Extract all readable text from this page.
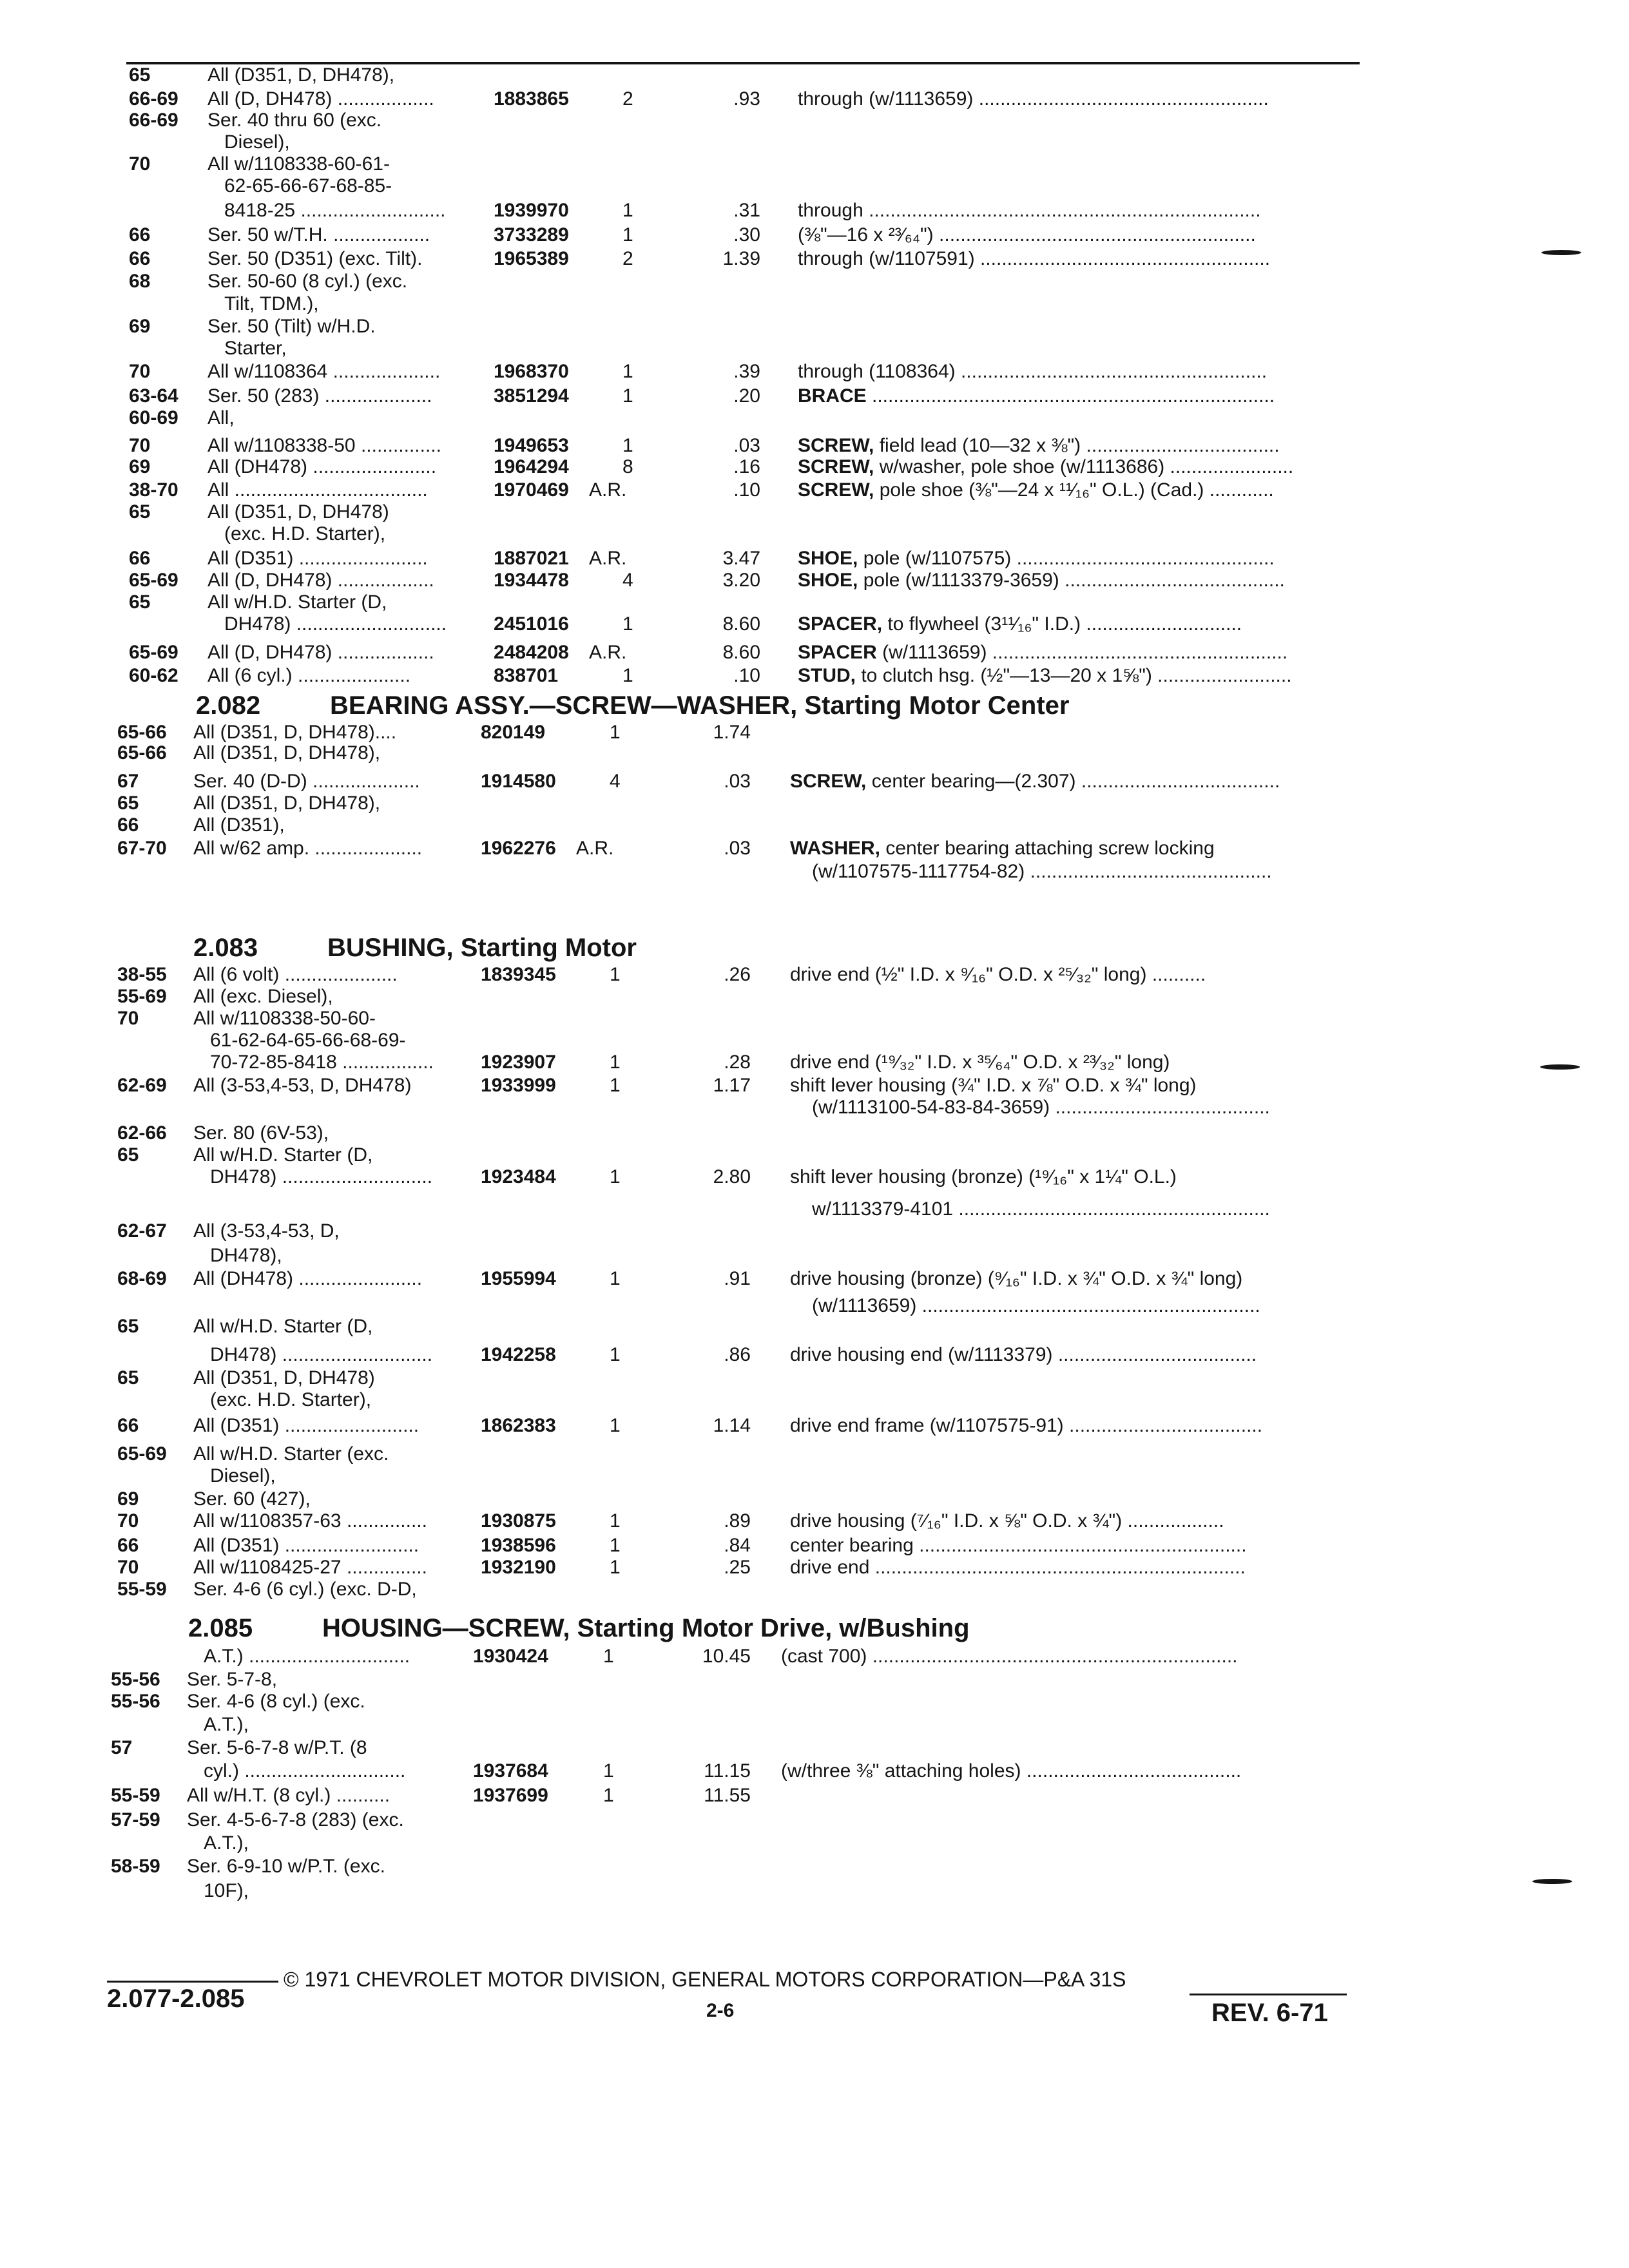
65	All (D351, D, DH478),
66-69 All (D, DH478) ..................	1883865	2	.93 through (w/1113659) ......................................................
66-69 Ser. 40 thru 60 (exc.
Diesel),
70	All w/1108338-60-61-
62-65-66-67-68-85-
8418-25 ........................... 1939970	1	.31 through .........................................................................
66	Ser. 50 w/T.H. ..................	3733289	1	.30 (⅜"—16 x ²³⁄₆₄") ...........................................................
66	Ser. 50 (D351) (exc. Tilt).	1965389	2	1.39 through (w/1107591) ......................................................
68	Ser. 50-60 (8 cyl.) (exc.
Tilt, TDM.),
69	Ser. 50 (Tilt) w/H.D.
Starter,
70	All w/1108364 ....................	1968370	1	.39 through (1108364) .........................................................
63-64 Ser. 50 (283) ....................	3851294	1	.20 BRACE ...........................................................................
60-69 All,
70	All w/1108338-50 ...............	1949653	1	.03 SCREW, field lead (10—32 x ⅜") ....................................
69	All (DH478) .......................	1964294	8	.16 SCREW, w/washer, pole shoe (w/1113686) .......................
38-70 All ....................................	1970469 A.R.	.10 SCREW, pole shoe (⅜"—24 x ¹¹⁄₁₆" O.L.) (Cad.) ............
65	All (D351, D, DH478)
(exc. H.D. Starter),
66	All (D351) ........................	1887021 A.R.	3.47 SHOE, pole (w/1107575) ................................................
65-69 All (D, DH478) ..................	1934478	4	3.20 SHOE, pole (w/1113379-3659) .........................................
65	All w/H.D. Starter (D,
DH478) ............................ 2451016	1	8.60 SPACER, to flywheel (3¹¹⁄₁₆" I.D.) .............................
65-69 All (D, DH478) ..................	2484208 A.R.	8.60 SPACER (w/1113659) .......................................................
60-62 All (6 cyl.) .....................	838701	1	.10 STUD, to clutch hsg. (½"—13—20 x 1⅝") .........................
65-66 All (D351, D, DH478)....	820149	1	1.74
65-66 All (D351, D, DH478),
67	Ser. 40 (D-D) ....................	1914580	4	.03 SCREW, center bearing—(2.307) .....................................
65	All (D351, D, DH478),
66	All (D351),
67-70 All w/62 amp. ....................	1962276 A.R.	.03 WASHER, center bearing attaching screw locking
(w/1107575-1117754-82) .............................................
38-55 All (6 volt) .....................	1839345	1	.26 drive end (½" I.D. x ⁹⁄₁₆" O.D. x ²⁵⁄₃₂" long) ..........
55-69 All (exc. Diesel),
70	All w/1108338-50-60-
61-62-64-65-66-68-69-
70-72-85-8418 ................. 1923907	1	.28 drive end (¹⁹⁄₃₂" I.D. x ³⁵⁄₆₄" O.D. x ²³⁄₃₂" long)
62-69 All (3-53,4-53, D, DH478)	1933999	1	1.17 shift lever housing (¾" I.D. x ⅞" O.D. x ¾" long)
(w/1113100-54-83-84-3659) ........................................
62-66 Ser. 80 (6V-53),
65	All w/H.D. Starter (D,
DH478) ............................ 1923484	1	2.80 shift lever housing (bronze) (¹⁹⁄₁₆" x 1¼" O.L.)
w/1113379-4101 ..........................................................
62-67 All (3-53,4-53, D,
DH478),
68-69 All (DH478) .......................	1955994	1	.91 drive housing (bronze) (⁹⁄₁₆" I.D. x ¾" O.D. x ¾" long)
(w/1113659) ...............................................................
65	All w/H.D. Starter (D,
DH478) ............................ 1942258	1	.86 drive housing end (w/1113379) .....................................
65	All (D351, D, DH478)
(exc. H.D. Starter),
66	All (D351) .........................	1862383	1	1.14 drive end frame (w/1107575-91) ....................................
65-69 All w/H.D. Starter (exc.
Diesel),
69	Ser. 60 (427),
70	All w/1108357-63 ...............	1930875	1	.89 drive housing (⁷⁄₁₆" I.D. x ⅝" O.D. x ¾") ..................
66	All (D351) .........................	1938596	1	.84 center bearing .............................................................
70	All w/1108425-27 ...............	1932190	1	.25 drive end .....................................................................
55-59 Ser. 4-6 (6 cyl.) (exc. D-D,
A.T.) ..............................	1930424	1	10.45 (cast 700) ....................................................................
55-56 Ser. 5-7-8,
55-56 Ser. 4-6 (8 cyl.) (exc.
A.T.),
57	Ser. 5-6-7-8 w/P.T. (8
cyl.) ..............................	1937684	1	11.15 (w/three ⅜" attaching holes) ........................................
55-59 All w/H.T. (8 cyl.) ..........	1937699	1	11.55
57-59 Ser. 4-5-6-7-8 (283) (exc.
A.T.),
58-59 Ser. 6-9-10 w/P.T. (exc.
10F),
2.082	BEARING ASSY.—SCREW—WASHER, Starting Motor Center
2.083	BUSHING, Starting Motor
2.085	HOUSING—SCREW, Starting Motor Drive, w/Bushing
© 1971 CHEVROLET MOTOR DIVISION, GENERAL MOTORS CORPORATION—P&A 31S
2.077-2.085	2-6	REV. 6-71
